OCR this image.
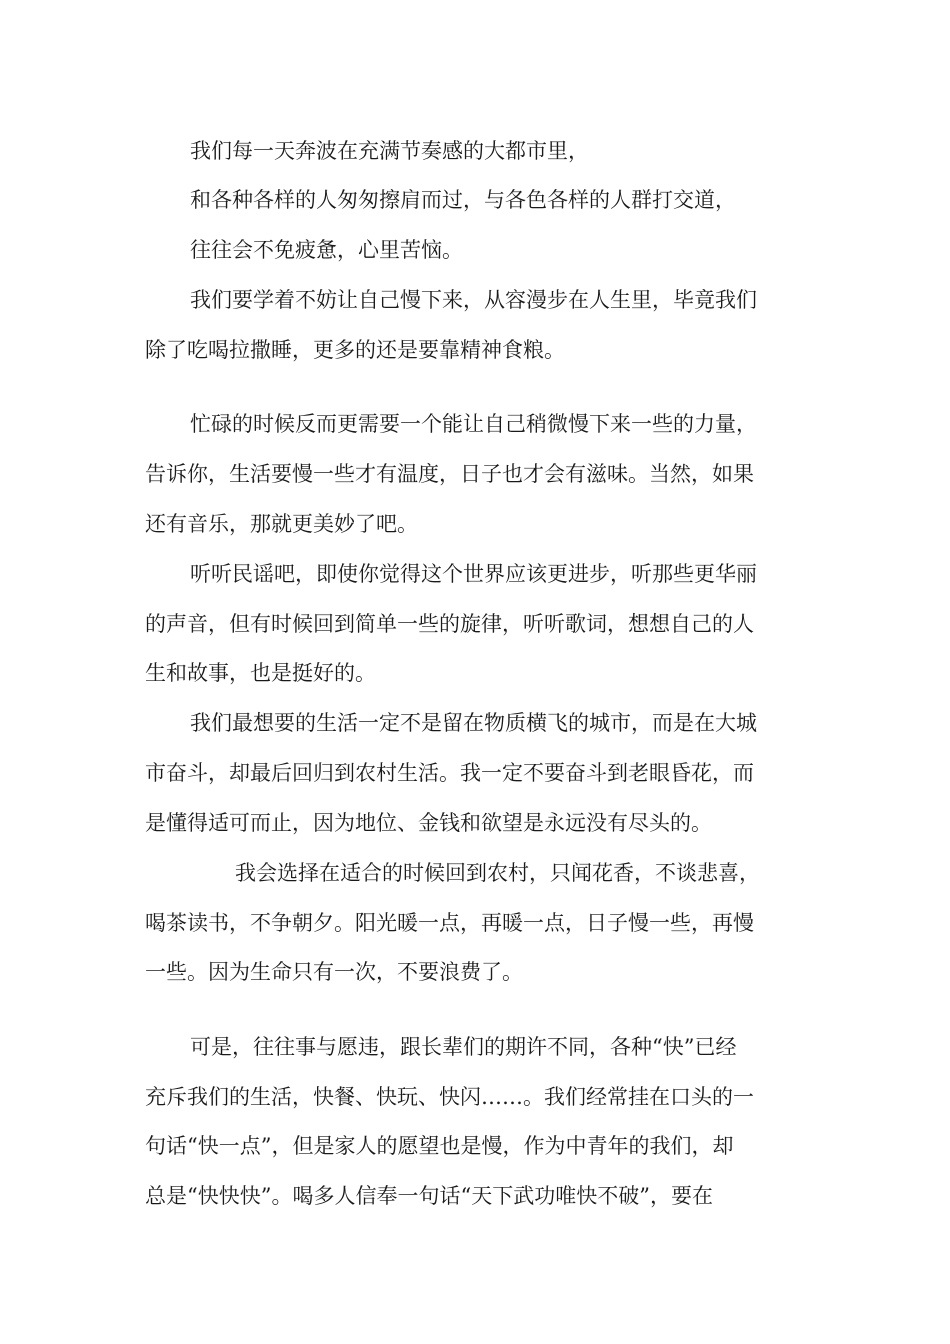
我们每一天奔波在充满节奏感的大都市里，

和各种各样的人匆匆擦肩而过，与各色各样的人群打交道，

往往会不免疲惫，心里苦恼。

我们要学着不妨让自己慢下来，从容漫步在人生里，毕竟我们

除了吃喝拉撒睡，更多的还是要靠精神食粮。

忙碌的时候反而更需要一个能让自己稍微慢下来一些的力量，

告诉你，生活要慢一些才有温度，日子也才会有滋味。当然，如果

还有音乐，那就更美妙了吧。

听听民谣吧，即使你觉得这个世界应该更进步，听那些更华丽

的声音，但有时候回到简单一些的旋律，听听歌词，想想自己的人

生和故事，也是挺好的。

我们最想要的生活一定不是留在物质横飞的城市，而是在大城

市奋斗，却最后回归到农村生活。我一定不要奋斗到老眼昏花，而

是懂得适可而止，因为地位、金钱和欲望是永远没有尽头的。

我会选择在适合的时候回到农村，只闻花香，不谈悲喜，

喝茶读书，不争朝夕。阳光暖一点，再暖一点，日子慢一些，再慢

一些。因为生命只有一次，不要浪费了。

可是，往往事与愿违，跟长辈们的期许不同，各种“快”已经

充斥我们的生活，快餐、快玩、快闪……。我们经常挂在口头的一

句话“快一点”，但是家人的愿望也是慢，作为中青年的我们，却

总是“快快快”。喝多人信奉一句话“天下武功唯快不破”，要在
